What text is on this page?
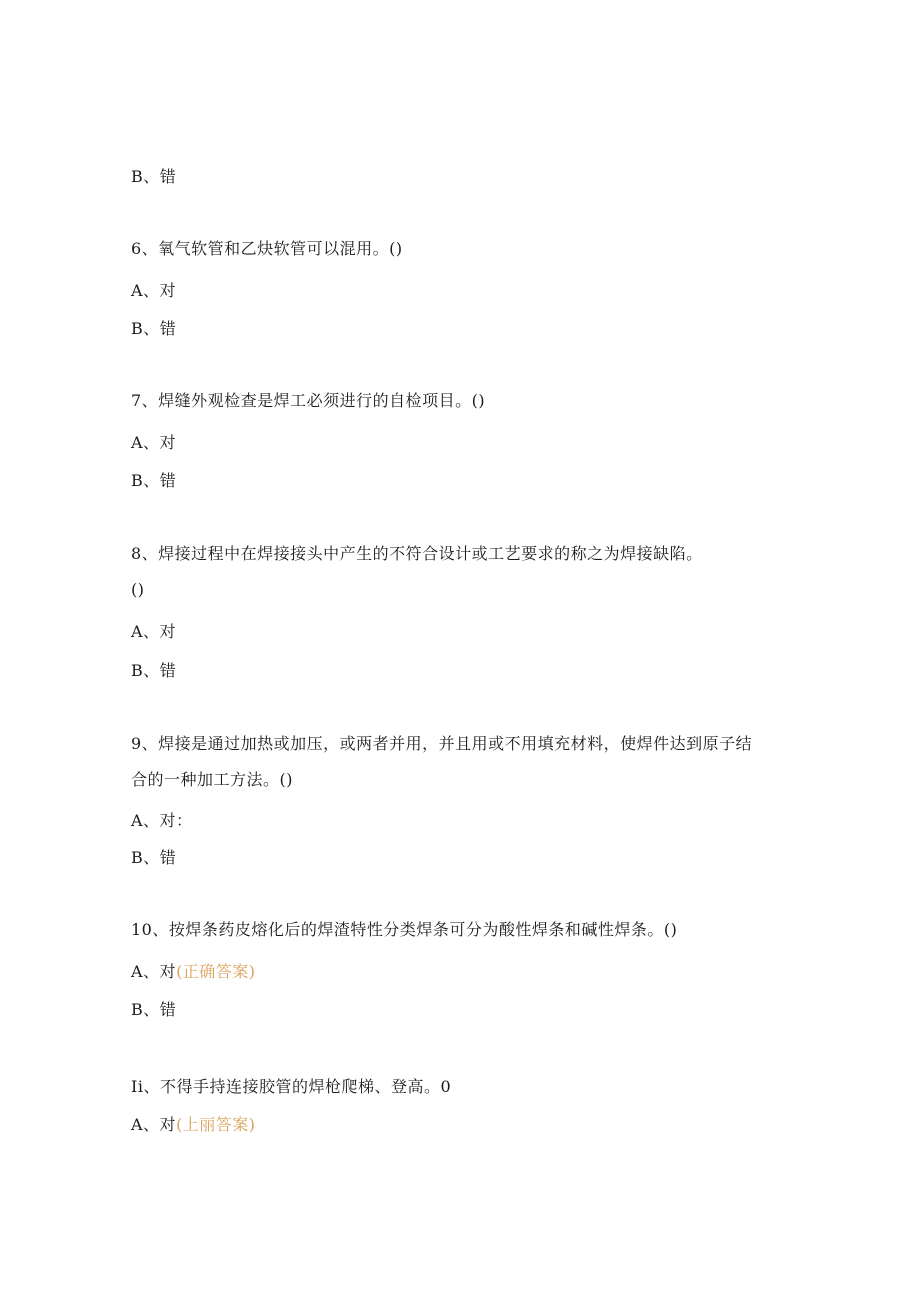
B、错
6、氧气软管和乙炔软管可以混用。()
A、对
B、错
7、焊缝外观检查是焊工必须进行的自检项目。()
A、对
B、错
8、焊接过程中在焊接接头中产生的不符合设计或工艺要求的称之为焊接缺陷。
()
A、对
B、错
9、焊接是通过加热或加压，或两者并用，并且用或不用填充材料，使焊件达到原子结
合的一种加工方法。()
A、对：
B、错
10、按焊条药皮熔化后的焊渣特性分类焊条可分为酸性焊条和碱性焊条。()
A、对(正确答案)
B、错
Ii、不得手持连接胶管的焊枪爬梯、登高。0
A、对(上丽答案)
